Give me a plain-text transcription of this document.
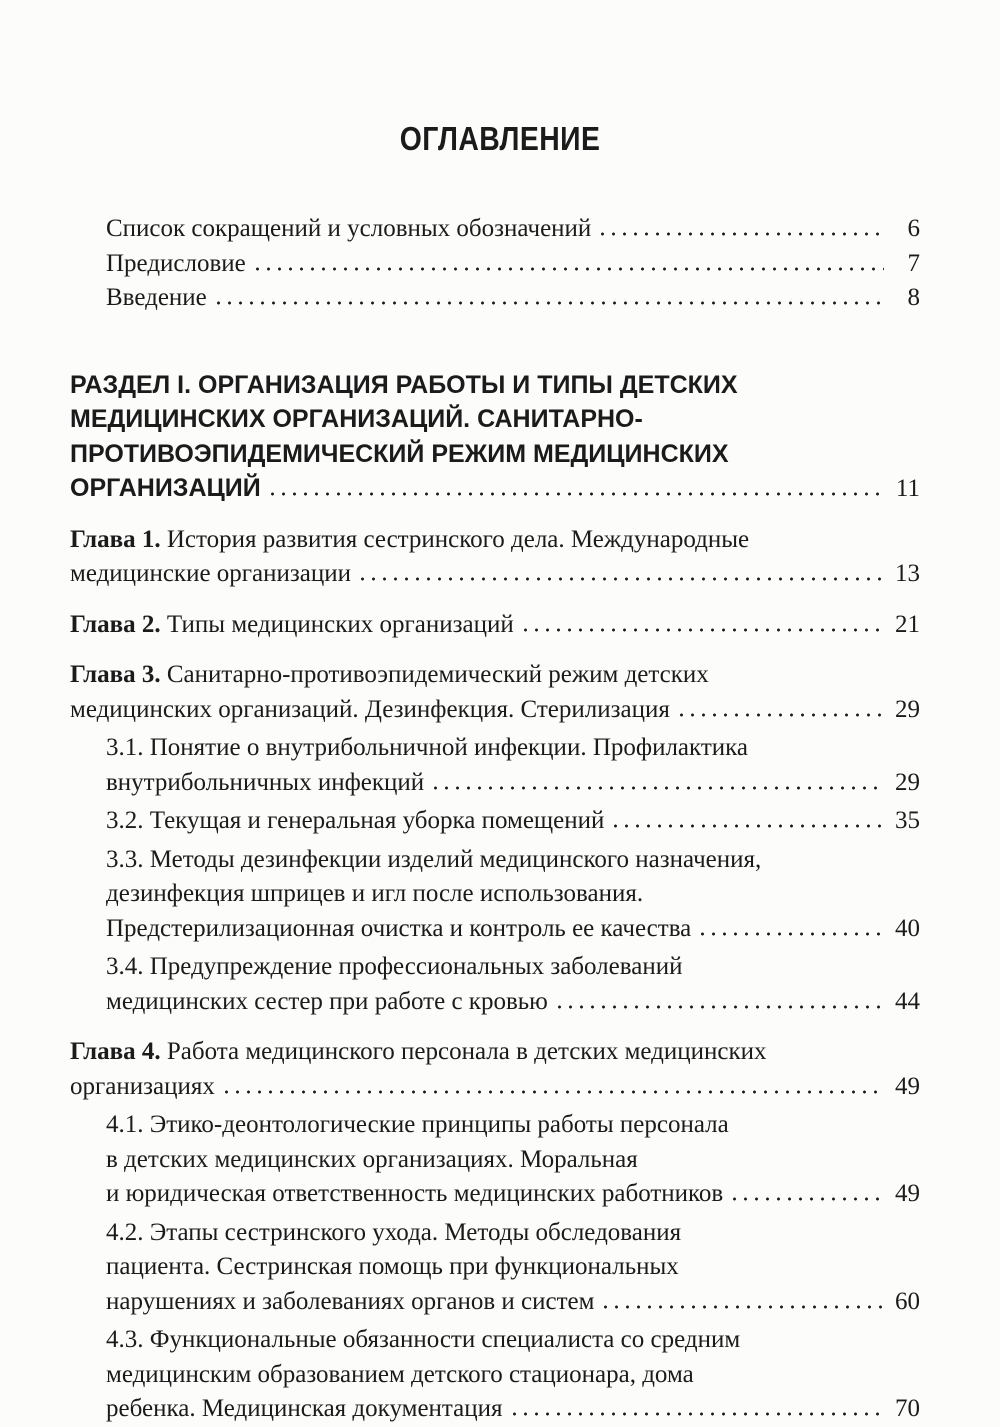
ОГЛАВЛЕНИЕ
Список сокращений и условных обозначений	6
Предисловие	7
Введение	8
РАЗДЕЛ I. ОРГАНИЗАЦИЯ РАБОТЫ И ТИПЫ ДЕТСКИХ
МЕДИЦИНСКИХ ОРГАНИЗАЦИЙ. САНИТАРНО-
ПРОТИВОЭПИДЕМИЧЕСКИЙ РЕЖИМ МЕДИЦИНСКИХ
ОРГАНИЗАЦИЙ	11
Глава 1. История развития сестринского дела. Международные
медицинские организации	13
Глава 2. Типы медицинских организаций	21
Глава 3. Санитарно-противоэпидемический режим детских
медицинских организаций. Дезинфекция. Стерилизация	29
3.1. Понятие о внутрибольничной инфекции. Профилактика
внутрибольничных инфекций	29
3.2. Текущая и генеральная уборка помещений	35
3.3. Методы дезинфекции изделий медицинского назначения,
дезинфекция шприцев и игл после использования.
Предстерилизационная очистка и контроль ее качества	40
3.4. Предупреждение профессиональных заболеваний
медицинских сестер при работе с кровью	44
Глава 4. Работа медицинского персонала в детских медицинских
организациях	49
4.1. Этико-деонтологические принципы работы персонала
в детских медицинских организациях. Моральная
и юридическая ответственность медицинских работников	49
4.2. Этапы сестринского ухода. Методы обследования
пациента. Сестринская помощь при функциональных
нарушениях и заболеваниях органов и систем	60
4.3. Функциональные обязанности специалиста со средним
медицинским образованием детского стационара, дома
ребенка. Медицинская документация	70
